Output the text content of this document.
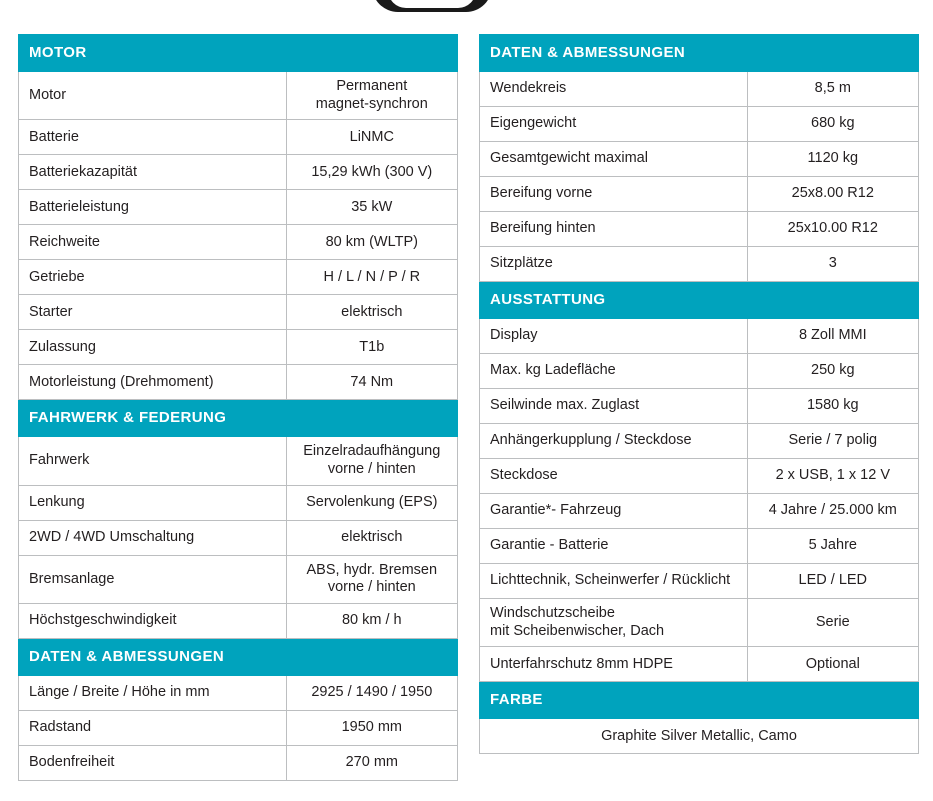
MOTOR	
Motor	Permanent
magnet-synchron
Batterie	LiNMC
Batteriekazapität	15,29 kWh (300 V)
Batterieleistung	35 kW
Reichweite	80 km (WLTP)
Getriebe	H / L / N / P / R
Starter	elektrisch
Zulassung	T1b
Motorleistung (Drehmoment)	74 Nm
FAHRWERK & FEDERUNG	
Fahrwerk	Einzelradaufhängung
vorne / hinten
Lenkung	Servolenkung (EPS)
2WD / 4WD Umschaltung	elektrisch
Bremsanlage	ABS, hydr. Bremsen
vorne / hinten
Höchstgeschwindigkeit	80 km / h
DATEN & ABMESSUNGEN	
Länge / Breite / Höhe in mm	2925 / 1490 / 1950
Radstand	1950 mm
Bodenfreiheit	270 mm
DATEN & ABMESSUNGEN	
Wendekreis	8,5 m
Eigengewicht	680 kg
Gesamtgewicht maximal	1120 kg
Bereifung vorne	25x8.00 R12
Bereifung hinten	25x10.00 R12
Sitzplätze	3
AUSSTATTUNG	
Display	8 Zoll MMI
Max. kg Ladefläche	250 kg
Seilwinde max. Zuglast	1580 kg
Anhängerkupplung / Steckdose	Serie / 7 polig
Steckdose	2 x USB, 1 x 12 V
Garantie*- Fahrzeug	4 Jahre / 25.000 km
Garantie - Batterie	5 Jahre
Lichttechnik, Scheinwerfer / Rücklicht	LED / LED
Windschutzscheibe
mit Scheibenwischer, Dach	Serie
Unterfahrschutz 8mm HDPE	Optional
FARBE	
Graphite Silver Metallic, Camo	
